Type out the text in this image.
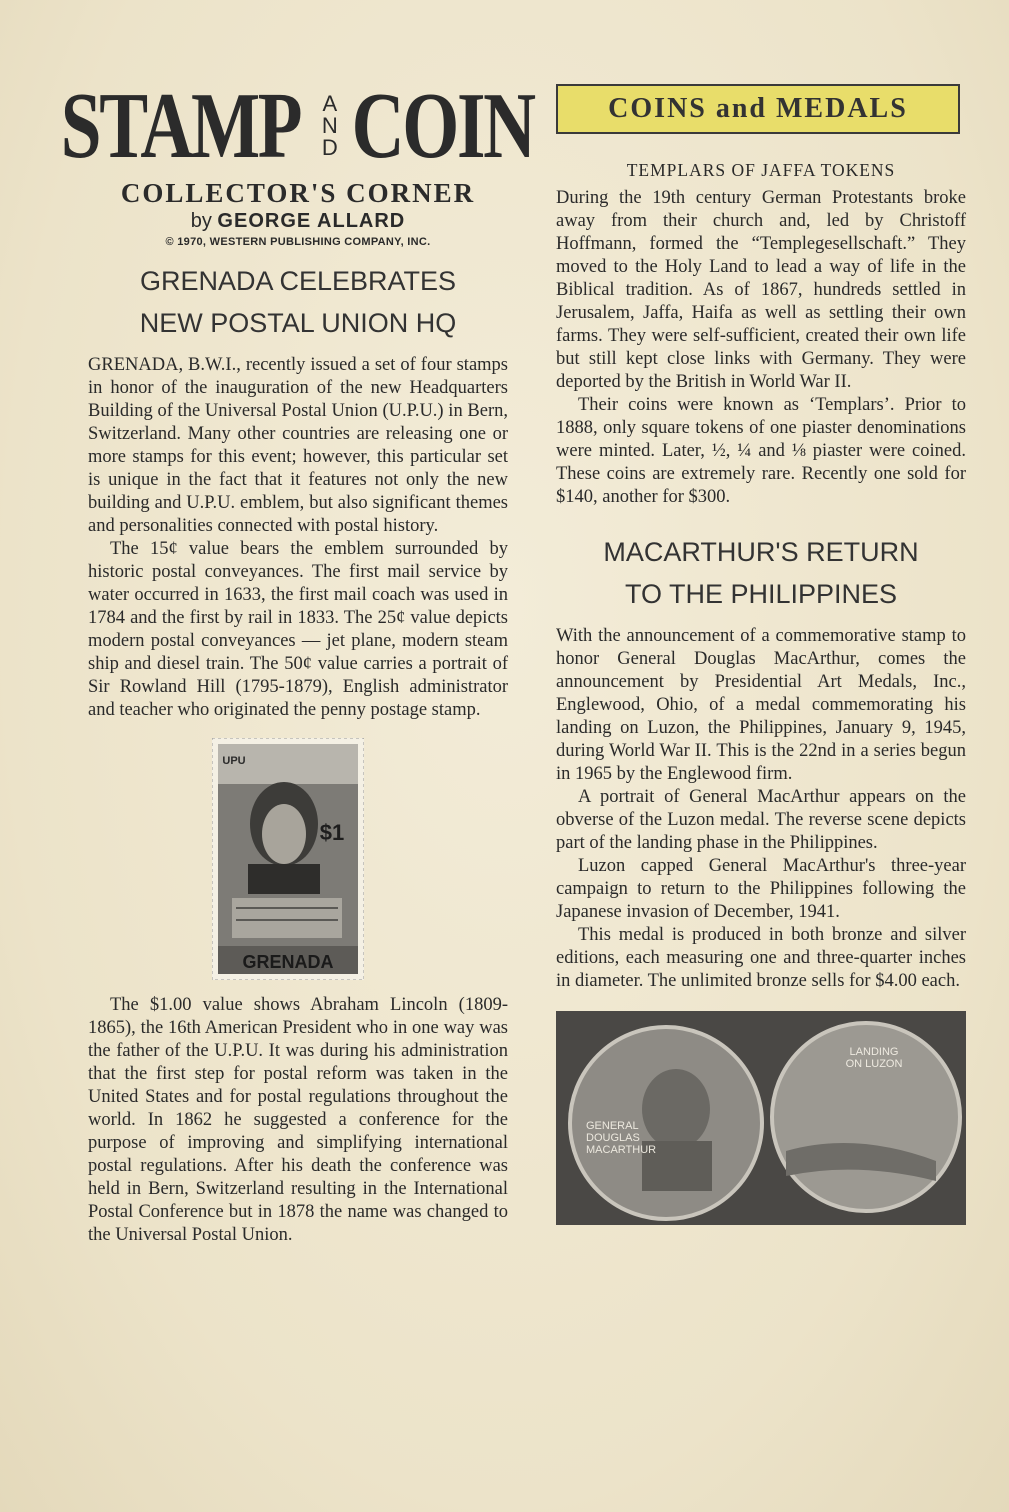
STAMP A
N
D COIN
COLLECTOR'S CORNER
by GEORGE ALLARD
© 1970, WESTERN PUBLISHING COMPANY, INC.
GRENADA CELEBRATES
NEW POSTAL UNION HQ

GRENADA, B.W.I., recently issued a set of four stamps in honor of the inauguration of the new Headquarters Building of the Universal Postal Union (U.P.U.) in Bern, Switzerland. Many other countries are releasing one or more stamps for this event; however, this particular set is unique in the fact that it features not only the new building and U.P.U. emblem, but also significant themes and personalities connected with postal history.

The 15¢ value bears the emblem surrounded by historic postal conveyances. The first mail service by water occurred in 1633, the first mail coach was used in 1784 and the first by rail in 1833. The 25¢ value depicts modern postal conveyances — jet plane, modern steam ship and diesel train. The 50¢ value carries a portrait of Sir Rowland Hill (1795-1879), English administrator and teacher who originated the penny postage stamp.

$1
GRENADA
UPU

The $1.00 value shows Abraham Lincoln (1809-1865), the 16th American President who in one way was the father of the U.P.U. It was during his administration that the first step for postal reform was taken in the United States and for postal regulations throughout the world. In 1862 he suggested a conference for the purpose of improving and simplifying international postal regulations. After his death the conference was held in Bern, Switzerland resulting in the International Postal Conference but in 1878 the name was changed to the Universal Postal Union.

COINS and MEDALS
TEMPLARS OF JAFFA TOKENS

During the 19th century German Protestants broke away from their church and, led by Christoff Hoffmann, formed the “Templegesellschaft.” They moved to the Holy Land to lead a way of life in the Biblical tradition. As of 1867, hundreds settled in Jerusalem, Jaffa, Haifa as well as settling their own farms. They were self-sufficient, created their own life but still kept close links with Germany. They were deported by the British in World War II.

Their coins were known as ‘Templars’. Prior to 1888, only square tokens of one piaster denominations were minted. Later, ½, ¼ and ⅛ piaster were coined. These coins are extremely rare. Recently one sold for $140, another for $300.

MACARTHUR'S RETURN
TO THE PHILIPPINES

With the announcement of a commemorative stamp to honor General Douglas MacArthur, comes the announcement by Presidential Art Medals, Inc., Englewood, Ohio, of a medal commemorating his landing on Luzon, the Philippines, January 9, 1945, during World War II. This is the 22nd in a series begun in 1965 by the Englewood firm.

A portrait of General MacArthur appears on the obverse of the Luzon medal. The reverse scene depicts part of the landing phase in the Philippines.

Luzon capped General MacArthur's three-year campaign to return to the Philippines following the Japanese invasion of December, 1941.

This medal is produced in both bronze and silver editions, each measuring one and three-quarter inches in diameter. The unlimited bronze sells for $4.00 each.

GENERAL
DOUGLAS
MACARTHUR
LANDING
ON LUZON
